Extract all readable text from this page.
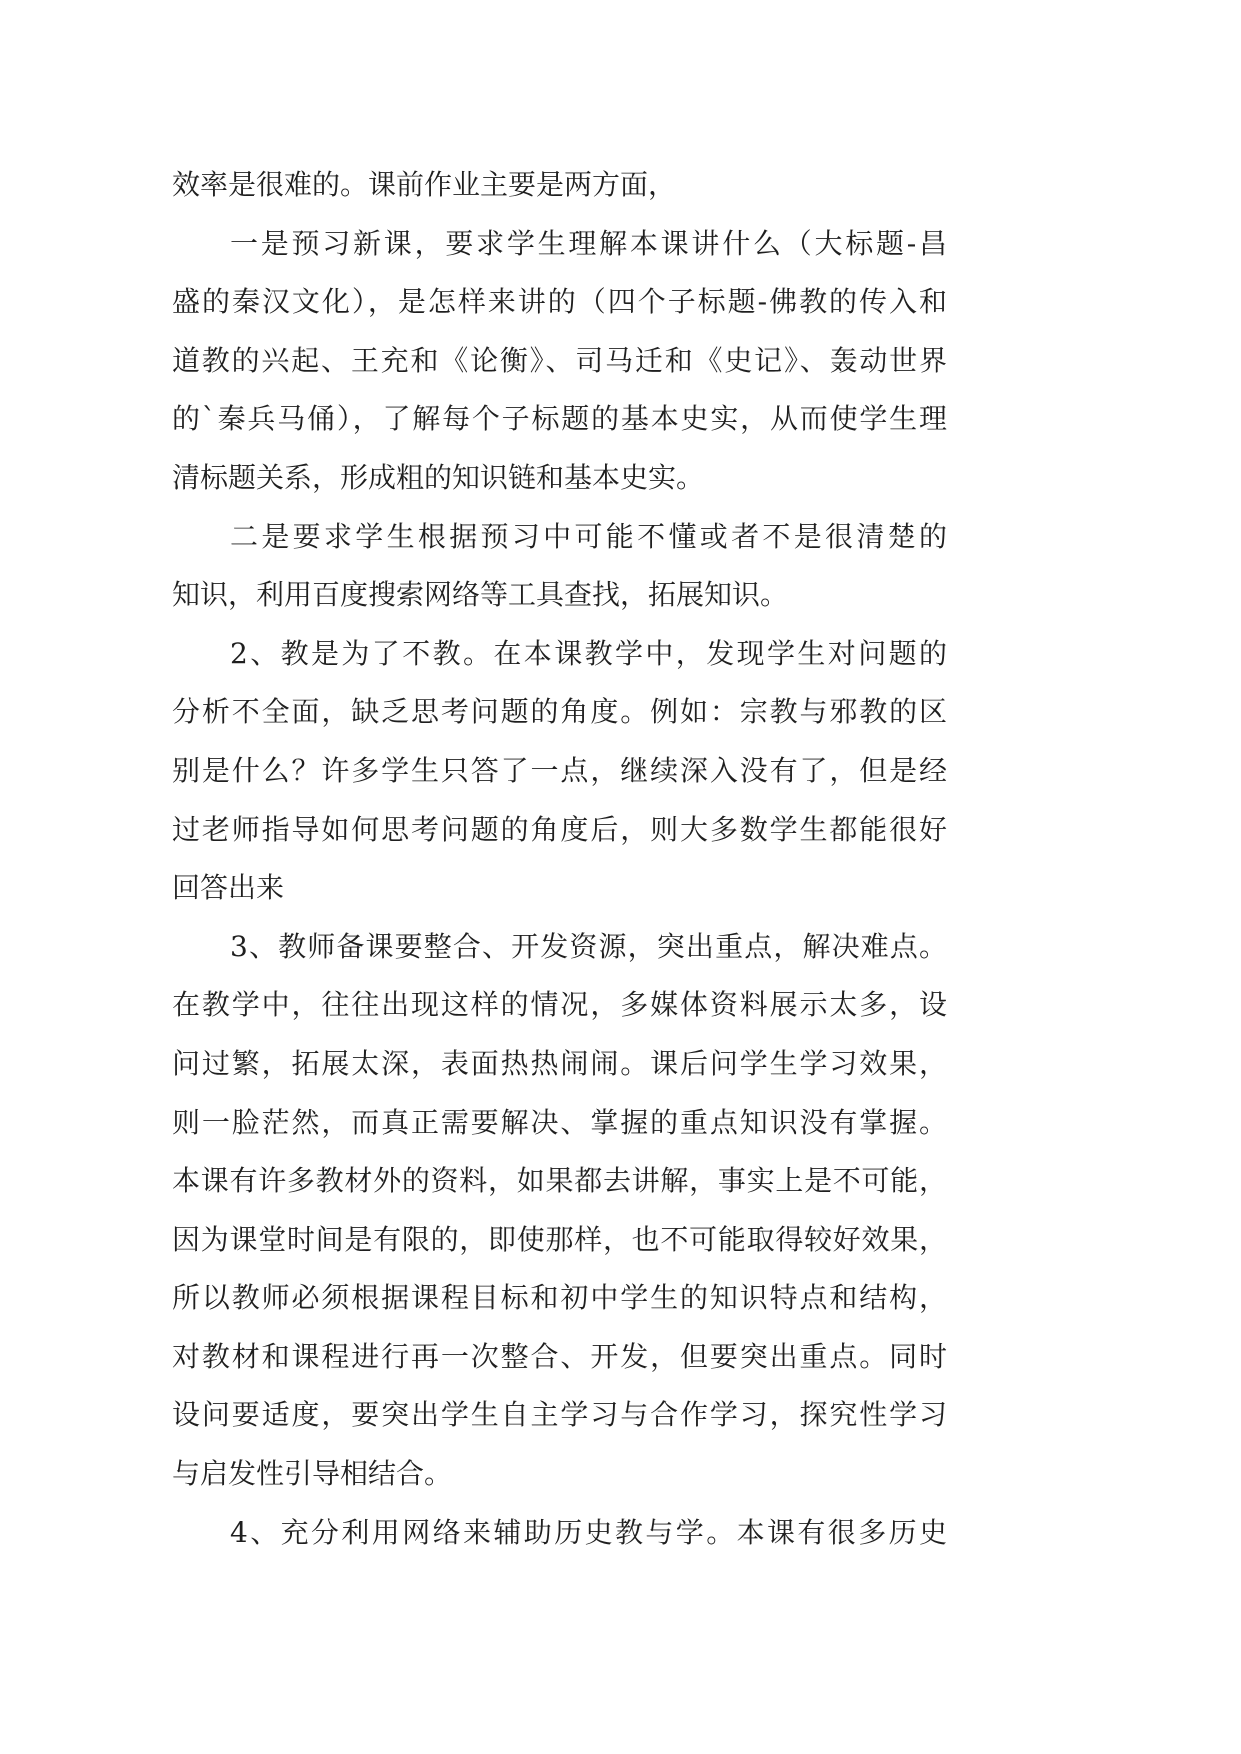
效率是很难的。课前作业主要是两方面，
一是预习新课，要求学生理解本课讲什么（大标题-昌
盛的秦汉文化），是怎样来讲的（四个子标题-佛教的传入和
道教的兴起、王充和《论衡》、司马迁和《史记》、轰动世界
的`秦兵马俑），了解每个子标题的基本史实，从而使学生理
清标题关系，形成粗的知识链和基本史实。
二是要求学生根据预习中可能不懂或者不是很清楚的
知识，利用百度搜索网络等工具查找，拓展知识。
2、教是为了不教。在本课教学中，发现学生对问题的
分析不全面，缺乏思考问题的角度。例如：宗教与邪教的区
别是什么？许多学生只答了一点，继续深入没有了，但是经
过老师指导如何思考问题的角度后，则大多数学生都能很好
回答出来
3、教师备课要整合、开发资源，突出重点，解决难点。
在教学中，往往出现这样的情况，多媒体资料展示太多，设
问过繁，拓展太深，表面热热闹闹。课后问学生学习效果，
则一脸茫然，而真正需要解决、掌握的重点知识没有掌握。
本课有许多教材外的资料，如果都去讲解，事实上是不可能，
因为课堂时间是有限的，即使那样，也不可能取得较好效果，
所以教师必须根据课程目标和初中学生的知识特点和结构，
对教材和课程进行再一次整合、开发，但要突出重点。同时
设问要适度，要突出学生自主学习与合作学习，探究性学习
与启发性引导相结合。
4、充分利用网络来辅助历史教与学。本课有很多历史
